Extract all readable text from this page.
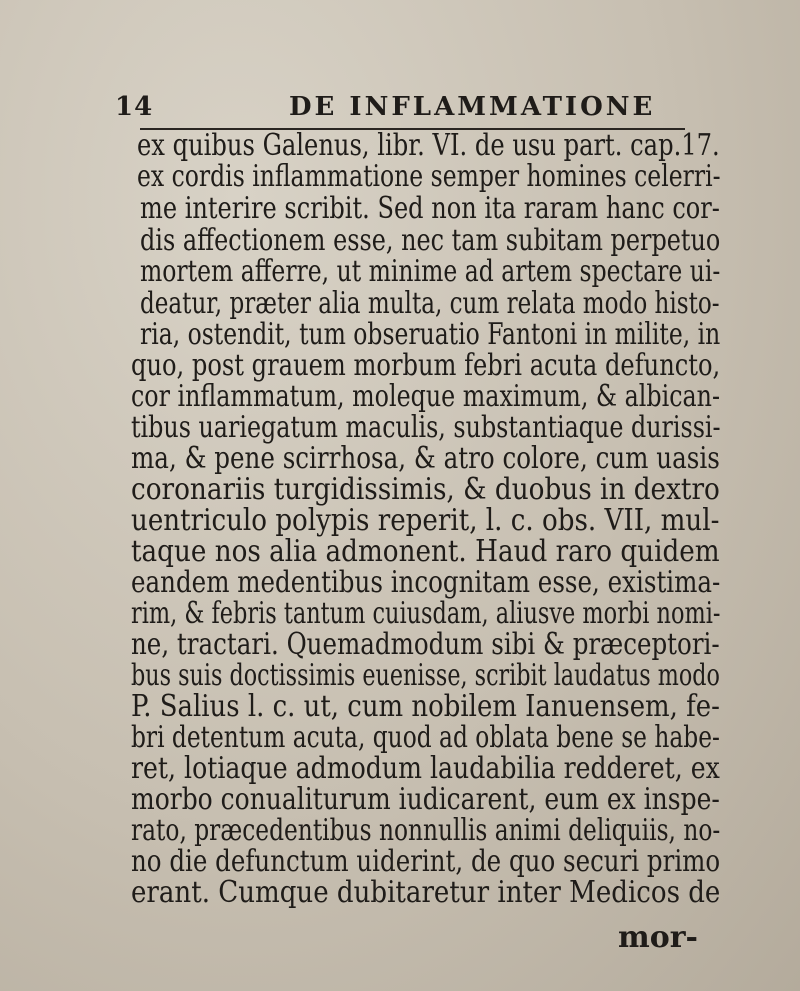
14	DE INFLAMMATIONE
ex quibus Galenus, libr. VI. de usu part. cap.17.
ex cordis inflammatione semper homines celerri-
me interire scribit. Sed non ita raram hanc cor-
dis affectionem esse, nec tam subitam perpetuo
mortem afferre, ut minime ad artem spectare ui-
deatur, præter alia multa, cum relata modo histo-
ria, ostendit, tum obseruatio Fantoni in milite, in
quo, post grauem morbum febri acuta defuncto,
cor inflammatum, moleque maximum, & albican-
tibus uariegatum maculis, substantiaque durissi-
ma, & pene scirrhosa, & atro colore, cum uasis
coronariis turgidissimis, & duobus in dextro
uentriculo polypis reperit, l. c. obs. VII, mul-
taque nos alia admonent. Haud raro quidem
eandem medentibus incognitam esse, existima-
rim, & febris tantum cuiusdam, aliusve morbi nomi-
ne, tractari. Quemadmodum sibi & præceptori-
bus suis doctissimis euenisse, scribit laudatus modo
P. Salius l. c. ut, cum nobilem Ianuensem, fe-
bri detentum acuta, quod ad oblata bene se habe-
ret, lotiaque admodum laudabilia redderet, ex
morbo conualiturum iudicarent, eum ex inspe-
rato, præcedentibus nonnullis animi deliquiis, no-
no die defunctum uiderint, de quo securi primo
erant. Cumque dubitaretur inter Medicos de
mor-
